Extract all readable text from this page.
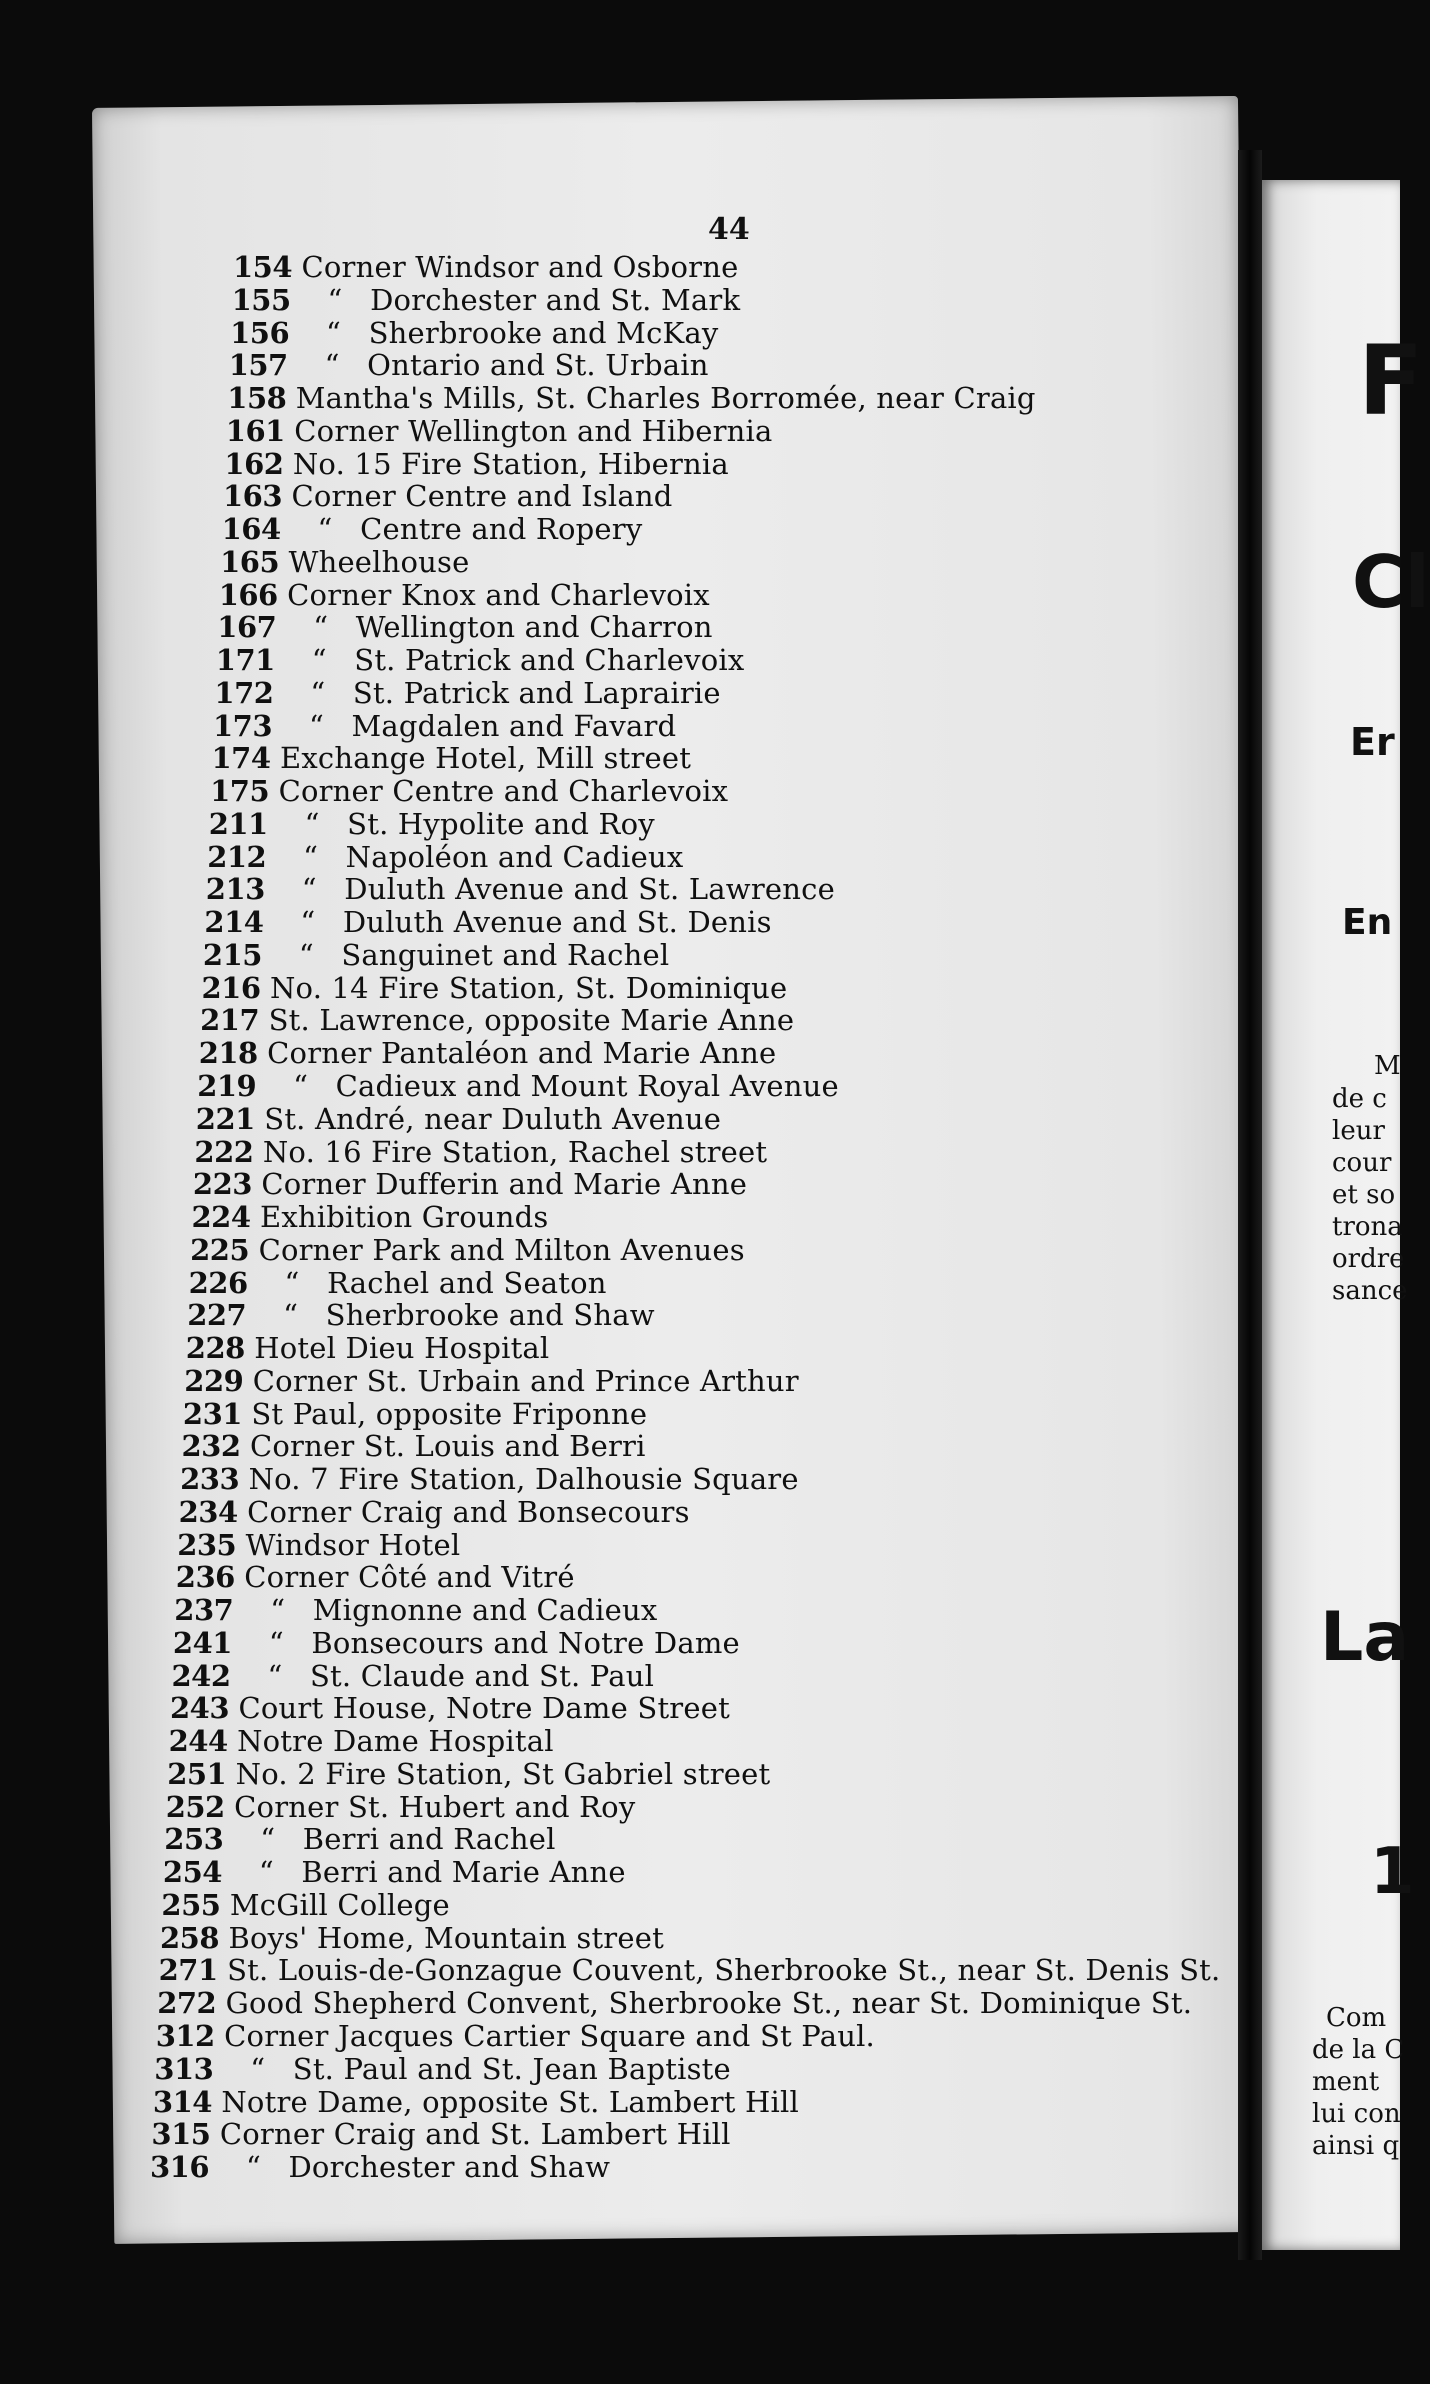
F
Cl
Er
En
M
de c
leur
cour
et so
trona
ordre
sance
La
1
Com
de la C
ment
lui con
ainsi q
44
154 Corner Windsor and Osborne
155 “ Dorchester and St. Mark
156 “ Sherbrooke and McKay
157 “ Ontario and St. Urbain
158 Mantha's Mills, St. Charles Borromée, near Craig
161 Corner Wellington and Hibernia
162 No. 15 Fire Station, Hibernia
163 Corner Centre and Island
164 “ Centre and Ropery
165 Wheelhouse
166 Corner Knox and Charlevoix
167 “ Wellington and Charron
171 “ St. Patrick and Charlevoix
172 “ St. Patrick and Laprairie
173 “ Magdalen and Favard
174 Exchange Hotel, Mill street
175 Corner Centre and Charlevoix
211 “ St. Hypolite and Roy
212 “ Napoléon and Cadieux
213 “ Duluth Avenue and St. Lawrence
214 “ Duluth Avenue and St. Denis
215 “ Sanguinet and Rachel
216 No. 14 Fire Station, St. Dominique
217 St. Lawrence, opposite Marie Anne
218 Corner Pantaléon and Marie Anne
219 “ Cadieux and Mount Royal Avenue
221 St. André, near Duluth Avenue
222 No. 16 Fire Station, Rachel street
223 Corner Dufferin and Marie Anne
224 Exhibition Grounds
225 Corner Park and Milton Avenues
226 “ Rachel and Seaton
227 “ Sherbrooke and Shaw
228 Hotel Dieu Hospital
229 Corner St. Urbain and Prince Arthur
231 St Paul, opposite Friponne
232 Corner St. Louis and Berri
233 No. 7 Fire Station, Dalhousie Square
234 Corner Craig and Bonsecours
235 Windsor Hotel
236 Corner Côté and Vitré
237 “ Mignonne and Cadieux
241 “ Bonsecours and Notre Dame
242 “ St. Claude and St. Paul
243 Court House, Notre Dame Street
244 Notre Dame Hospital
251 No. 2 Fire Station, St Gabriel street
252 Corner St. Hubert and Roy
253 “ Berri and Rachel
254 “ Berri and Marie Anne
255 McGill College
258 Boys' Home, Mountain street
271 St. Louis-de-Gonzague Couvent, Sherbrooke St., near St. Denis St.
272 Good Shepherd Convent, Sherbrooke St., near St. Dominique St.
312 Corner Jacques Cartier Square and St Paul.
313 “ St. Paul and St. Jean Baptiste
314 Notre Dame, opposite St. Lambert Hill
315 Corner Craig and St. Lambert Hill
316 “ Dorchester and Shaw
